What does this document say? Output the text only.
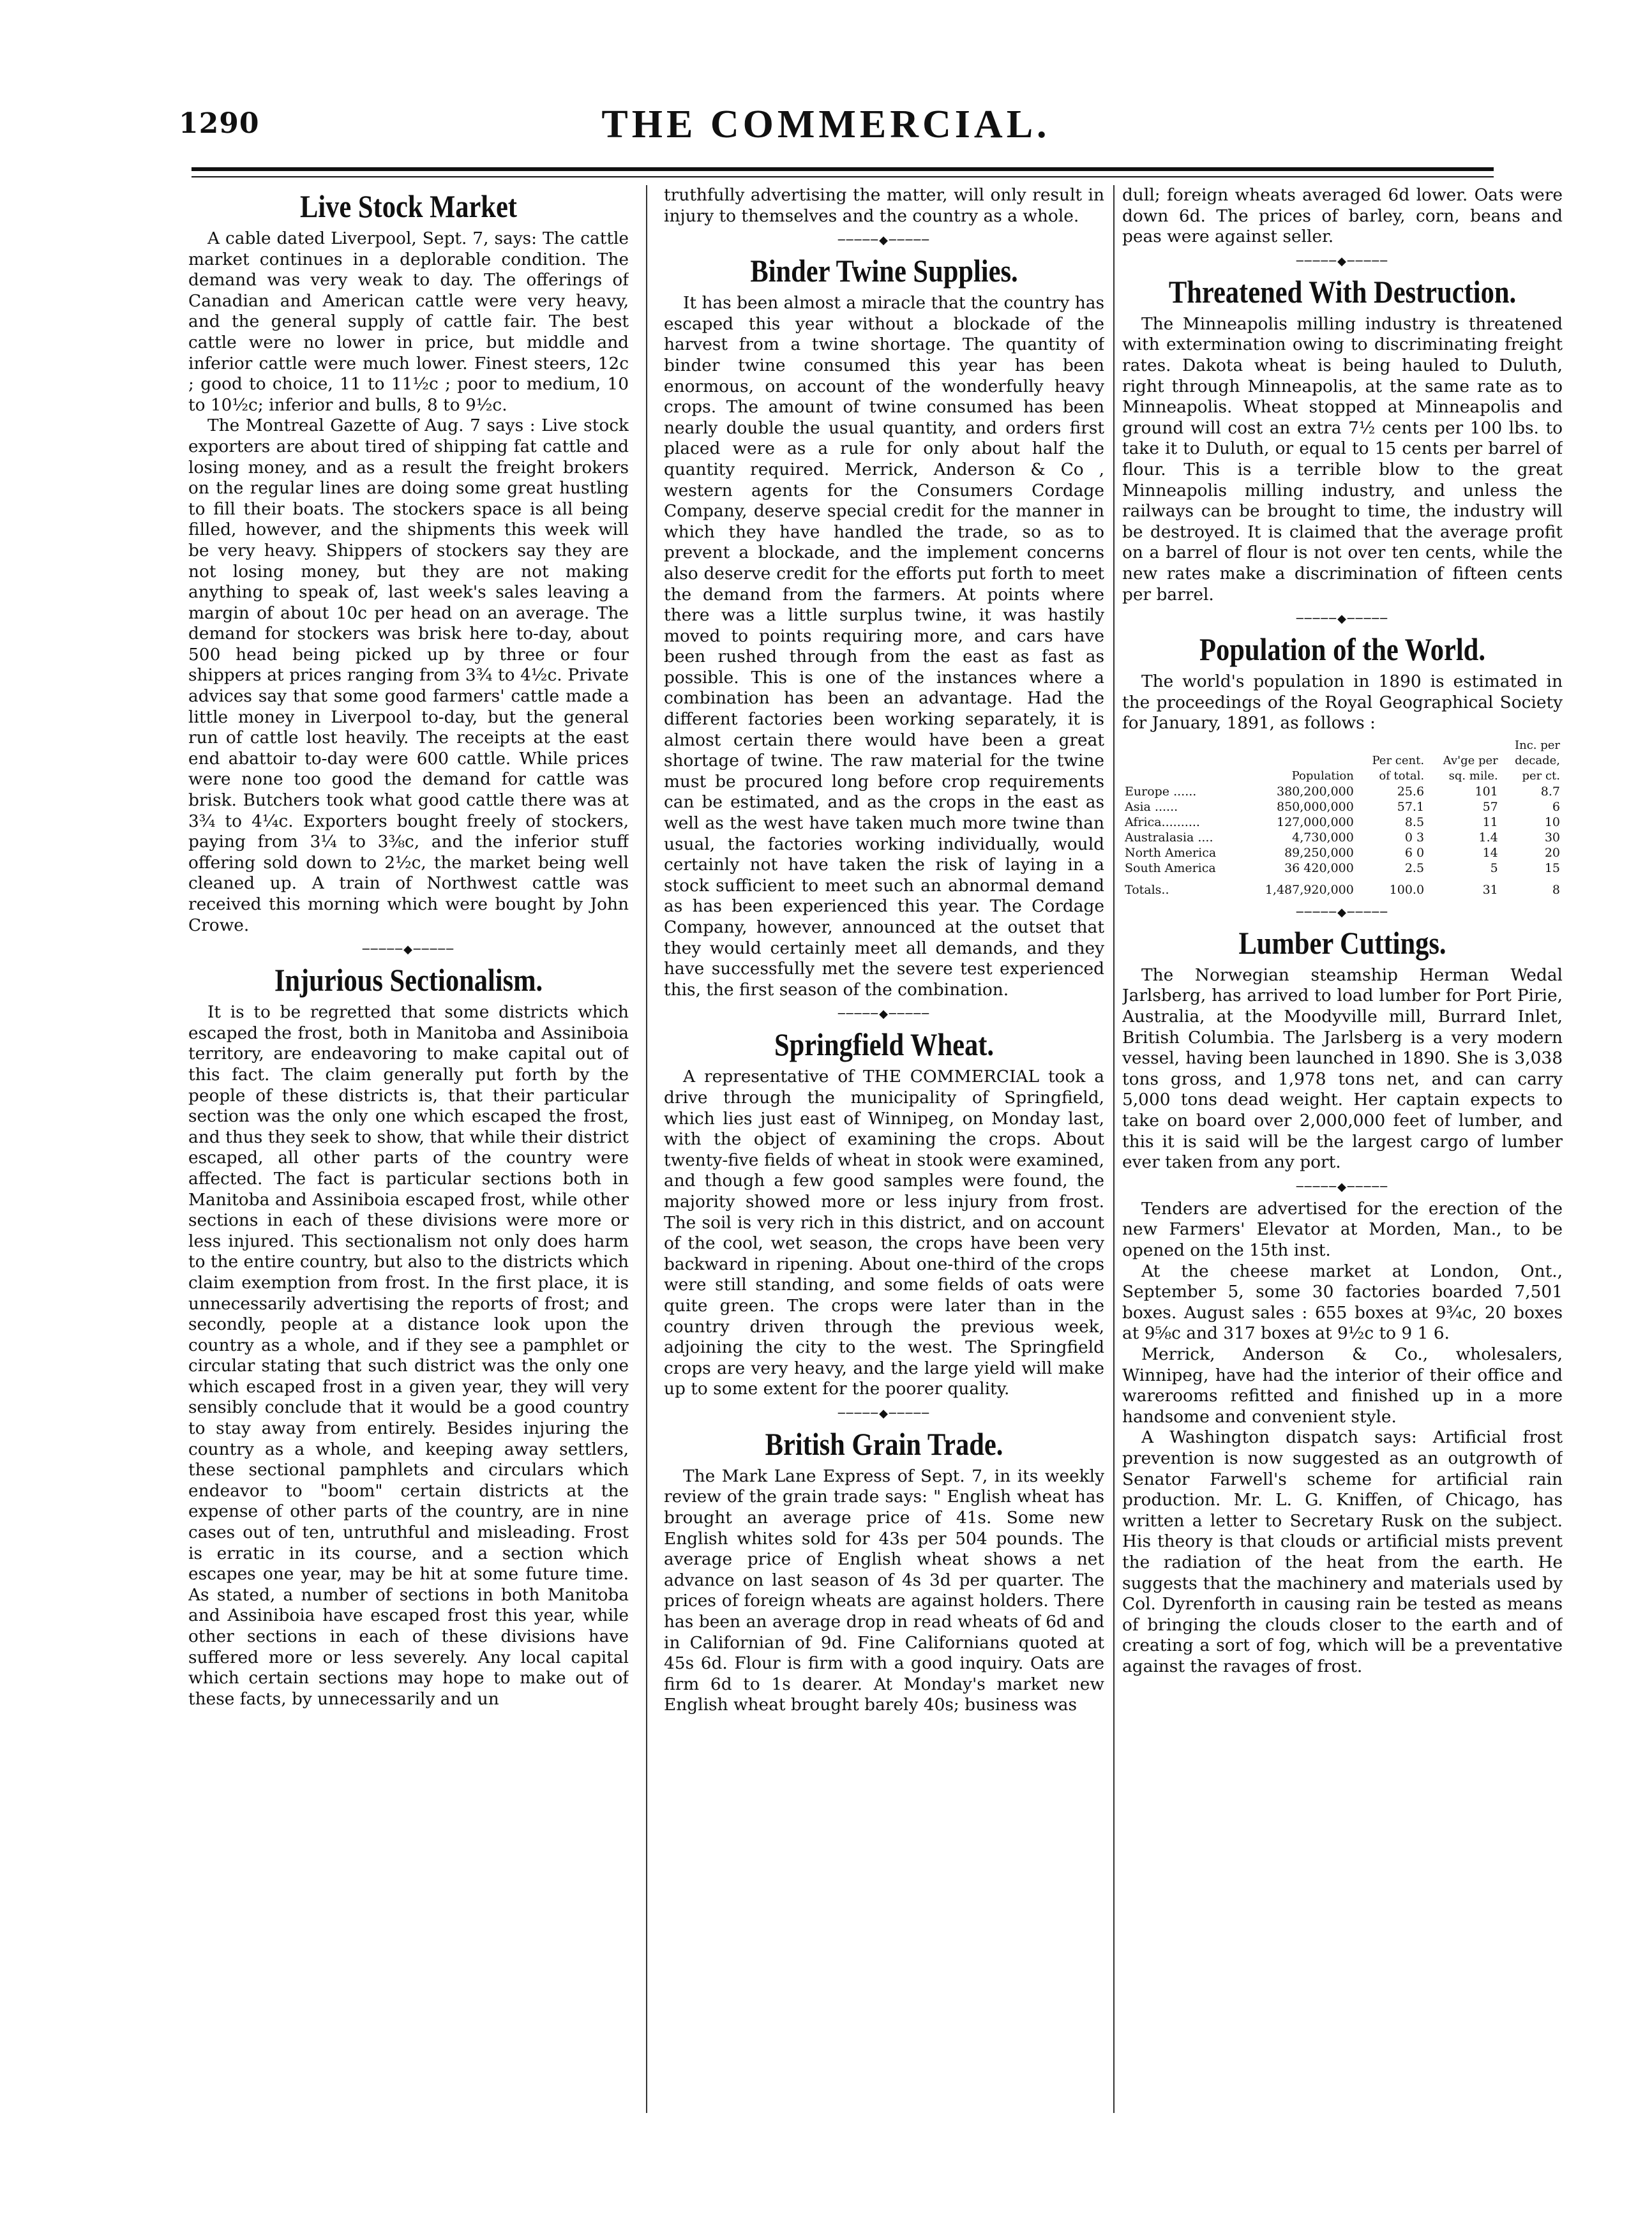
1290	THE COMMERCIAL.
Live Stock Market

A cable dated Liverpool, Sept. 7, says: The cattle market continues in a deplorable condition. The demand was very weak to day. The offerings of Canadian and American cattle were very heavy, and the general supply of cattle fair. The best cattle were no lower in price, but middle and inferior cattle were much lower. Finest steers, 12c ; good to choice, 11 to 11½c ; poor to medium, 10 to 10½c; inferior and bulls, 8 to 9½c.

The Montreal Gazette of Aug. 7 says : Live stock exporters are about tired of shipping fat cattle and losing money, and as a result the freight brokers on the regular lines are doing some great hustling to fill their boats. The stockers space is all being filled, however, and the shipments this week will be very heavy. Shippers of stockers say they are not losing money, but they are not making anything to speak of, last week's sales leaving a margin of about 10c per head on an average. The demand for stockers was brisk here to-day, about 500 head being picked up by three or four shippers at prices ranging from 3¾ to 4½c. Private advices say that some good farmers' cattle made a little money in Liverpool to-day, but the general run of cattle lost heavily. The receipts at the east end abattoir to-day were 600 cattle. While prices were none too good the demand for cattle was brisk. Butchers took what good cattle there was at 3¾ to 4¼c. Exporters bought freely of stockers, paying from 3¼ to 3⅜c, and the inferior stuff offering sold down to 2½c, the market being well cleaned up. A train of Northwest cattle was received this morning which were bought by John Crowe.

─────◆─────
Injurious Sectionalism.

It is to be regretted that some districts which escaped the frost, both in Manitoba and Assiniboia territory, are endeavoring to make capital out of this fact. The claim generally put forth by the people of these districts is, that their particular section was the only one which escaped the frost, and thus they seek to show, that while their district escaped, all other parts of the country were affected. The fact is particular sections both in Manitoba and Assiniboia escaped frost, while other sections in each of these divisions were more or less injured. This sectionalism not only does harm to the entire country, but also to the districts which claim exemption from frost. In the first place, it is unnecessarily advertising the reports of frost; and secondly, people at a distance look upon the country as a whole, and if they see a pamphlet or circular stating that such district was the only one which escaped frost in a given year, they will very sensibly conclude that it would be a good country to stay away from entirely. Besides injuring the country as a whole, and keeping away settlers, these sectional pamphlets and circulars which endeavor to "boom" certain districts at the expense of other parts of the country, are in nine cases out of ten, untruthful and misleading. Frost is erratic in its course, and a section which escapes one year, may be hit at some future time. As stated, a number of sections in both Manitoba and Assiniboia have escaped frost this year, while other sections in each of these divisions have suffered more or less severely. Any local capital which certain sections may hope to make out of these facts, by unnecessarily and un

truthfully advertising the matter, will only result in injury to themselves and the country as a whole.

─────◆─────
Binder Twine Supplies.

It has been almost a miracle that the country has escaped this year without a blockade of the harvest from a twine shortage. The quantity of binder twine consumed this year has been enormous, on account of the wonderfully heavy crops. The amount of twine consumed has been nearly double the usual quantity, and orders first placed were as a rule for only about half the quantity required. Merrick, Anderson & Co , western agents for the Consumers Cordage Company, deserve special credit for the manner in which they have handled the trade, so as to prevent a blockade, and the implement concerns also deserve credit for the efforts put forth to meet the demand from the farmers. At points where there was a little surplus twine, it was hastily moved to points requiring more, and cars have been rushed through from the east as fast as possible. This is one of the instances where a combination has been an advantage. Had the different factories been working separately, it is almost certain there would have been a great shortage of twine. The raw material for the twine must be procured long before crop requirements can be estimated, and as the crops in the east as well as the west have taken much more twine than usual, the factories working individually, would certainly not have taken the risk of laying in a stock sufficient to meet such an abnormal demand as has been experienced this year. The Cordage Company, however, announced at the outset that they would certainly meet all demands, and they have successfully met the severe test experienced this, the first season of the combination.

─────◆─────
Springfield Wheat.

A representative of THE COMMERCIAL took a drive through the municipality of Springfield, which lies just east of Winnipeg, on Monday last, with the object of examining the crops. About twenty-five fields of wheat in stook were examined, and though a few good samples were found, the majority showed more or less injury from frost. The soil is very rich in this district, and on account of the cool, wet season, the crops have been very backward in ripening. About one-third of the crops were still standing, and some fields of oats were quite green. The crops were later than in the country driven through the previous week, adjoining the city to the west. The Springfield crops are very heavy, and the large yield will make up to some extent for the poorer quality.

─────◆─────
British Grain Trade.

The Mark Lane Express of Sept. 7, in its weekly review of the grain trade says: " English wheat has brought an average price of 41s. Some new English whites sold for 43s per 504 pounds. The average price of English wheat shows a net advance on last season of 4s 3d per quarter. The prices of foreign wheats are against holders. There has been an average drop in read wheats of 6d and in Californian of 9d. Fine Californians quoted at 45s 6d. Flour is firm with a good inquiry. Oats are firm 6d to 1s dearer. At Monday's market new English wheat brought barely 40s; business was

dull; foreign wheats averaged 6d lower. Oats were down 6d. The prices of barley, corn, beans and peas were against seller.

─────◆─────
Threatened With Destruction.

The Minneapolis milling industry is threatened with extermination owing to discriminating freight rates. Dakota wheat is being hauled to Duluth, right through Minneapolis, at the same rate as to Minneapolis. Wheat stopped at Minneapolis and ground will cost an extra 7½ cents per 100 lbs. to take it to Duluth, or equal to 15 cents per barrel of flour. This is a terrible blow to the great Minneapolis milling industry, and unless the railways can be brought to time, the industry will be destroyed. It is claimed that the average profit on a barrel of flour is not over ten cents, while the new rates make a discrimination of fifteen cents per barrel.

─────◆─────
Population of the World.

The world's population in 1890 is estimated in the proceedings of the Royal Geographical Society for January, 1891, as follows :

				Inc. per
		Per cent.	Av'ge per	decade,
	Population	of total.	sq. mile.	per ct.
Europe ......	380,200,000	25.6	101	8.7
Asia ......	850,000,000	57.1	57	6
Africa..........	127,000,000	8.5	11	10
Australasia ....	4,730,000	0 3	1.4	30
North America	89,250,000	6 0	14	20
South America	36 420,000	2.5	5	15
Totals..	1,487,920,000	100.0	31	8
─────◆─────
Lumber Cuttings.

The Norwegian steamship Herman Wedal Jarlsberg, has arrived to load lumber for Port Pirie, Australia, at the Moodyville mill, Burrard Inlet, British Columbia. The Jarlsberg is a very modern vessel, having been launched in 1890. She is 3,038 tons gross, and 1,978 tons net, and can carry 5,000 tons dead weight. Her captain expects to take on board over 2,000,000 feet of lumber, and this it is said will be the largest cargo of lumber ever taken from any port.

─────◆─────

Tenders are advertised for the erection of the new Farmers' Elevator at Morden, Man., to be opened on the 15th inst.

At the cheese market at London, Ont., September 5, some 30 factories boarded 7,501 boxes. August sales : 655 boxes at 9¾c, 20 boxes at 9⅝c and 317 boxes at 9½c to 9 1 6.

Merrick, Anderson & Co., wholesalers, Winnipeg, have had the interior of their office and warerooms refitted and finished up in a more handsome and convenient style.

A Washington dispatch says: Artificial frost prevention is now suggested as an outgrowth of Senator Farwell's scheme for artificial rain production. Mr. L. G. Kniffen, of Chicago, has written a letter to Secretary Rusk on the subject. His theory is that clouds or artificial mists prevent the radiation of the heat from the earth. He suggests that the machinery and materials used by Col. Dyrenforth in causing rain be tested as means of bringing the clouds closer to the earth and of creating a sort of fog, which will be a preventative against the ravages of frost.
